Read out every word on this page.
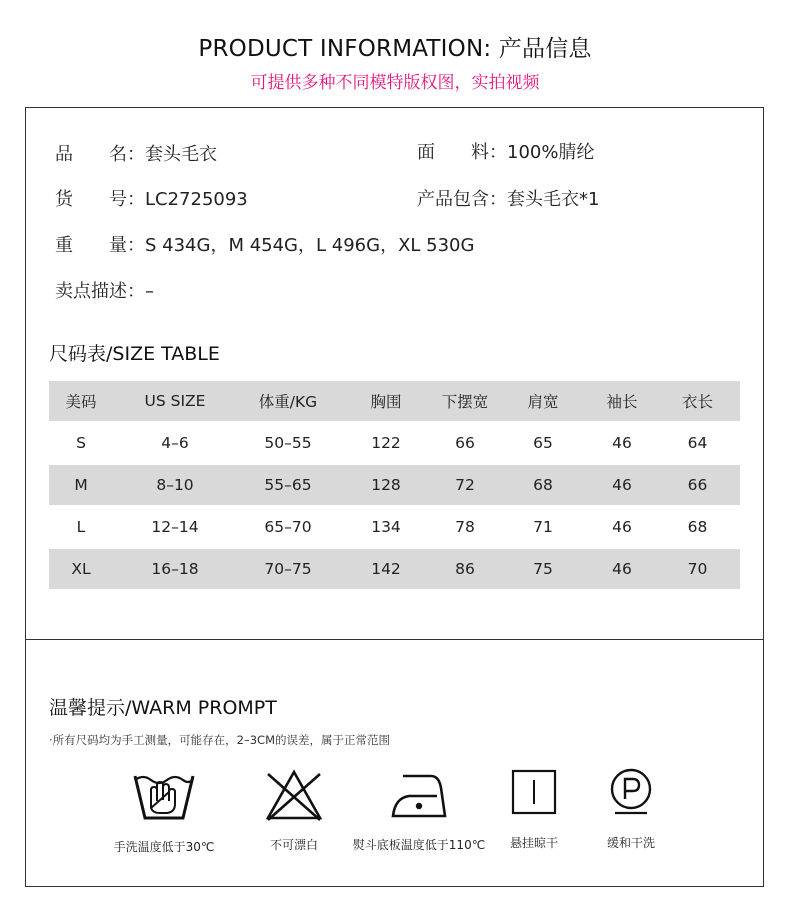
PRODUCT INFORMATION: 产品信息
可提供多种不同模特版权图，实拍视频
品　　名：套头毛衣	面　　料：100%腈纶
货　　号：LC2725093	产品包含：套头毛衣*1
重　　量：S 434G，M 454G，L 496G，XL 530G
卖点描述：–
尺码表/SIZE TABLE
美码	US SIZE	体重/KG	胸围	下摆宽	肩宽	袖长	衣长
S	4–6	50–55	122	66	65	46	64
M	8–10	55–65	128	72	68	46	66
L	12–14	65–70	134	78	71	46	68
XL	16–18	70–75	142	86	75	46	70
温馨提示/WARM PROMPT
·所有尺码均为手工测量，可能存在，2–3CM的误差，属于正常范围
手洗温度低于30℃	不可漂白	熨斗底板温度低于110℃	悬挂晾干	缓和干洗
